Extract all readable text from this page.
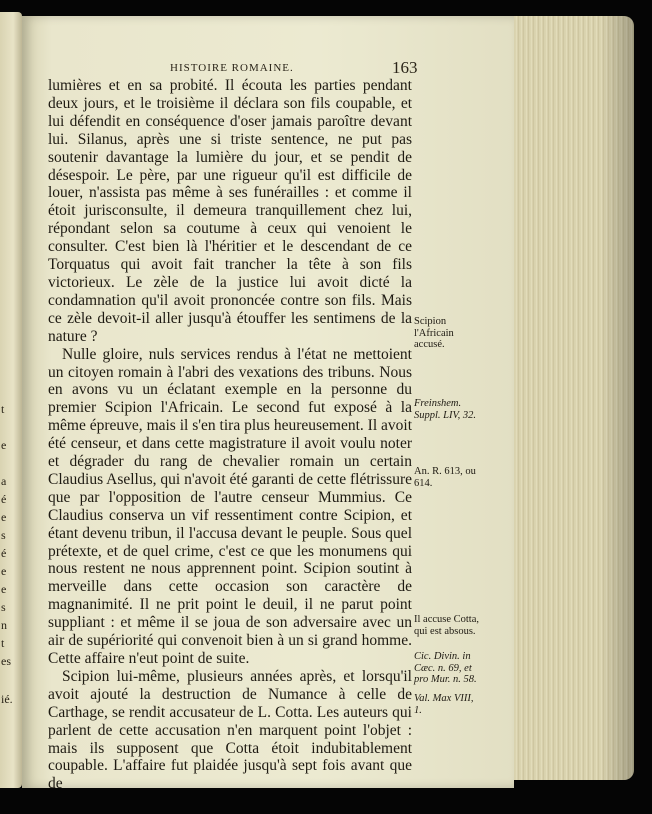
é
e
s
t
e
a
é
e
e
s
n
t
es
ié.
HISTOIRE ROMAINE.	163

lumières et en sa probité. Il écouta les parties pendant deux jours, et le troisième il déclara son fils coupable, et lui défendit en conséquence d'oser jamais paroître devant lui. Silanus, après une si triste sentence, ne put pas soutenir davantage la lumière du jour, et se pendit de désespoir. Le père, par une rigueur qu'il est difficile de louer, n'assista pas même à ses funérailles : et comme il étoit jurisconsulte, il demeura tranquillement chez lui, répondant selon sa coutume à ceux qui venoient le consulter. C'est bien là l'héritier et le descendant de ce Torquatus qui avoit fait trancher la tête à son fils victorieux. Le zèle de la justice lui avoit dicté la condamnation qu'il avoit prononcée contre son fils. Mais ce zèle devoit-il aller jusqu'à étouffer les sentimens de la nature ?

Nulle gloire, nuls services rendus à l'état ne mettoient un citoyen romain à l'abri des vexations des tribuns. Nous en avons vu un éclatant exemple en la personne du premier Scipion l'Africain. Le second fut exposé à la même épreuve, mais il s'en tira plus heureusement. Il avoit été censeur, et dans cette magistrature il avoit voulu noter et dégrader du rang de chevalier romain un certain Claudius Asellus, qui n'avoit été garanti de cette flétrissure que par l'opposition de l'autre censeur Mummius. Ce Claudius conserva un vif ressentiment contre Scipion, et étant devenu tribun, il l'accusa devant le peuple. Sous quel prétexte, et de quel crime, c'est ce que les monumens qui nous restent ne nous apprennent point. Scipion soutint à merveille dans cette occasion son caractère de magnanimité. Il ne prit point le deuil, il ne parut point suppliant : et même il se joua de son adversaire avec un air de supériorité qui convenoit bien à un si grand homme. Cette affaire n'eut point de suite.

Scipion lui-même, plusieurs années après, et lorsqu'il avoit ajouté la destruction de Numance à celle de Carthage, se rendit accusateur de L. Cotta. Les auteurs qui parlent de cette accusation n'en marquent point l'objet : mais ils supposent que Cotta étoit indubitablement coupable. L'affaire fut plaidée jusqu'à sept fois avant que de

Scipion l'Africain accusé.
Freinshem. Suppl. LIV, 32.
An. R. 613, ou 614.
Il accuse Cotta, qui est absous.
Cic. Divin. in Cæc. n. 69, et pro Mur. n. 58.
Val. Max VIII, 1.
